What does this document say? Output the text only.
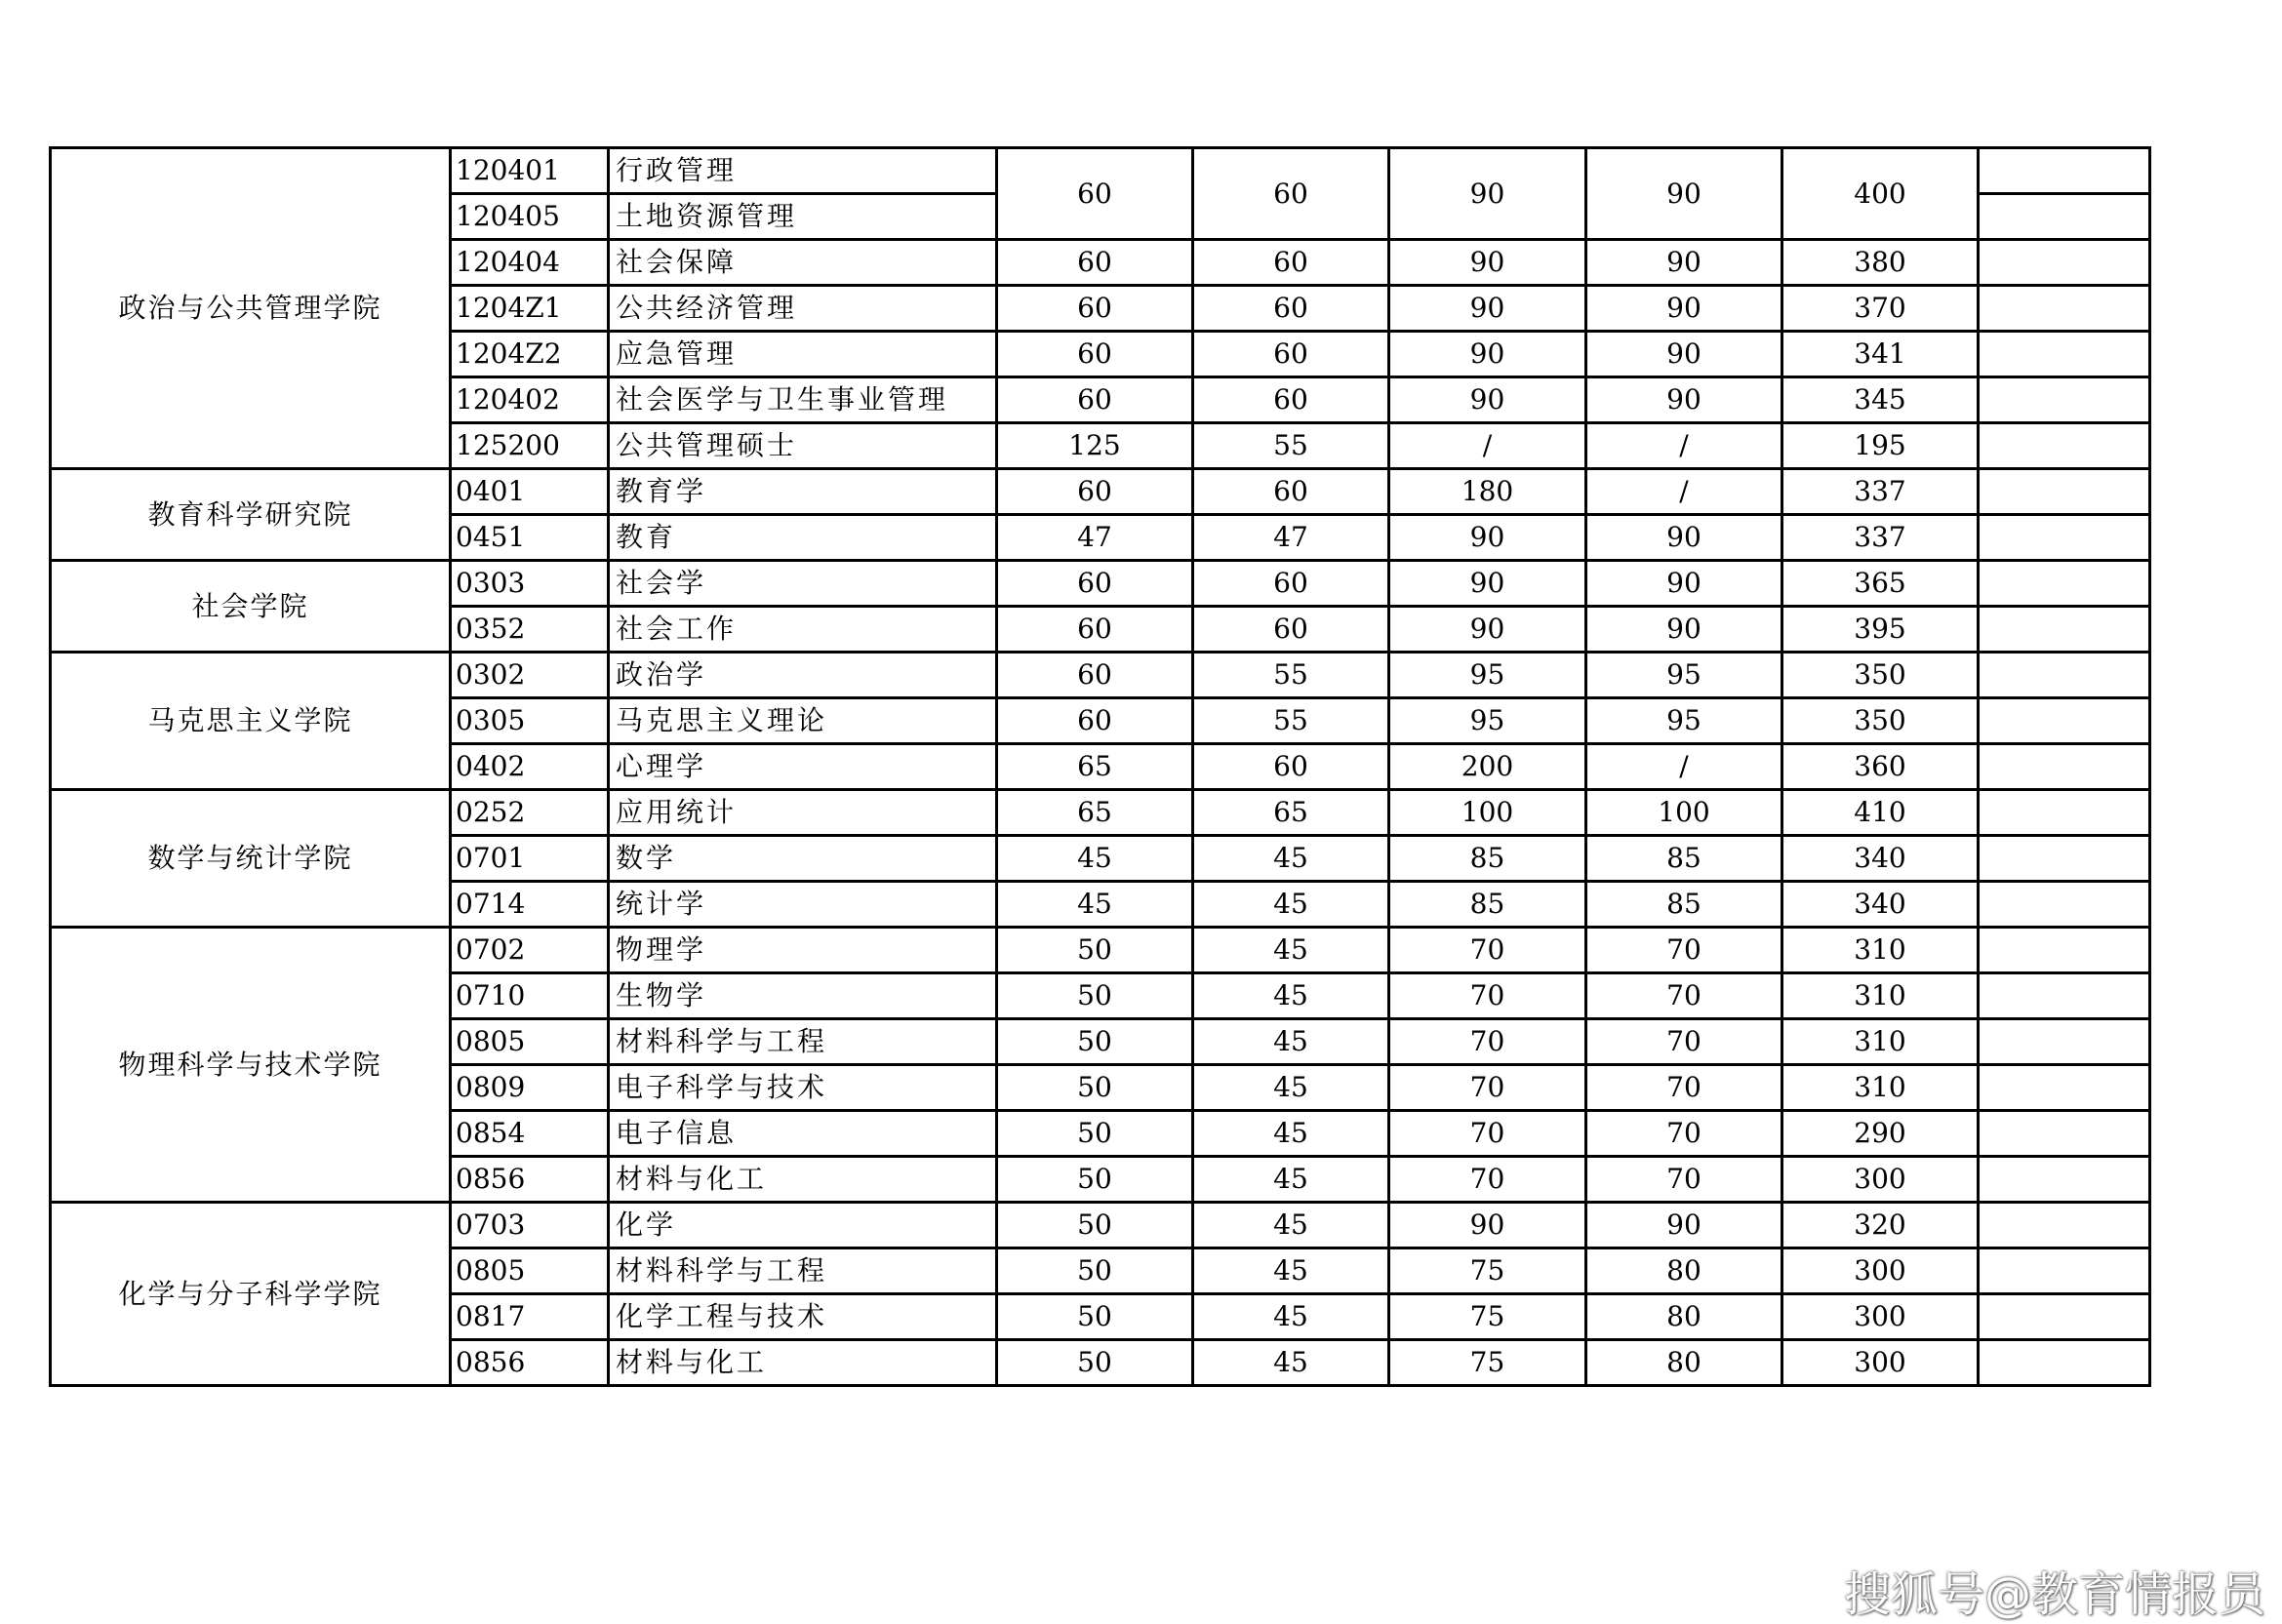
政治与公共管理学院	120401	行政管理	60	60	90	90	400	
	120405	土地资源管理						
	120404	社会保障	60	60	90	90	380	
	1204Z1	公共经济管理	60	60	90	90	370	
	1204Z2	应急管理	60	60	90	90	341	
	120402	社会医学与卫生事业管理	60	60	90	90	345	
	125200	公共管理硕士	125	55	/	/	195	
教育科学研究院	0401	教育学	60	60	180	/	337	
	0451	教育	47	47	90	90	337	
社会学院	0303	社会学	60	60	90	90	365	
	0352	社会工作	60	60	90	90	395	
马克思主义学院	0302	政治学	60	55	95	95	350	
	0305	马克思主义理论	60	55	95	95	350	
	0402	心理学	65	60	200	/	360	
数学与统计学院	0252	应用统计	65	65	100	100	410	
	0701	数学	45	45	85	85	340	
	0714	统计学	45	45	85	85	340	
物理科学与技术学院	0702	物理学	50	45	70	70	310	
	0710	生物学	50	45	70	70	310	
	0805	材料科学与工程	50	45	70	70	310	
	0809	电子科学与技术	50	45	70	70	310	
	0854	电子信息	50	45	70	70	290	
	0856	材料与化工	50	45	70	70	300	
化学与分子科学学院	0703	化学	50	45	90	90	320	
	0805	材料科学与工程	50	45	75	80	300	
	0817	化学工程与技术	50	45	75	80	300	
	0856	材料与化工	50	45	75	80	300	
搜狐号@教育情报员
